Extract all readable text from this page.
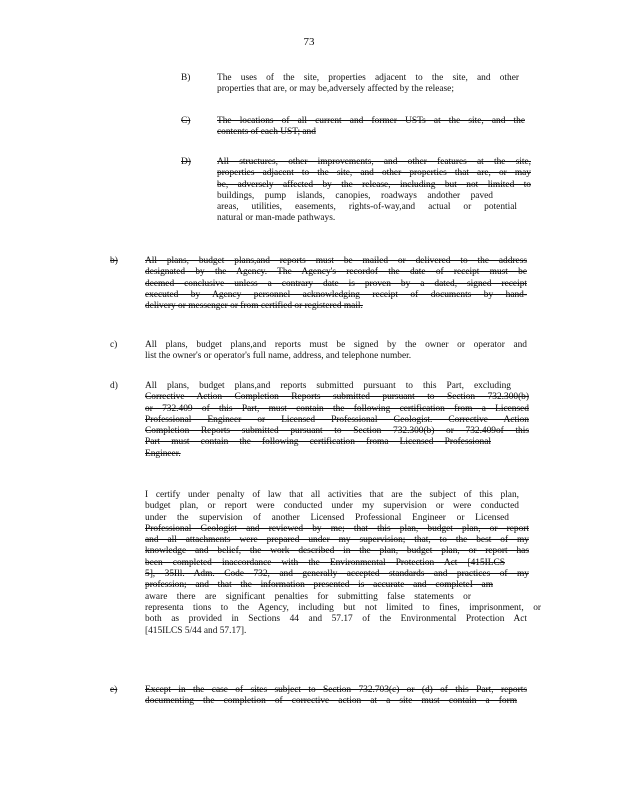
73
B)	The uses of the site, properties adjacent to the site, and other
properties that are, or may be,adversely affected by the release;
C)	The locations of all current and former USTs at the site, and the
contents of each UST; and
D)	All structures, other improvements, and other features at the site,
properties adjacent to the site, and other properties that are, or may
be, adversely affected by the release, including but not limited to
buildings, pump islands, canopies, roadways andother paved
areas, utilities, easements, rights-of-way,and actual or potential
natural or man-made pathways.
b)	All plans, budget plans,and reports must be mailed or delivered to the address
designated by the Agency. The Agency's recordof the date of receipt must be
deemed conclusive unless a contrary date is proven by a dated, signed receipt
executed by Agency personnel acknowledging receipt of documents by hand-
delivery or messenger or from certified or registered mail.
c)	All plans, budget plans,and reports must be signed by the owner or operator and
list the owner's or operator's full name, address, and telephone number.
d)	All plans, budget plans,and reports submitted pursuant to this Part, excluding
Corrective Action Completion Reports submitted pursuant to Section 732.300(b)
or 732.409 of this Part, must contain the following certification from a Licensed
Professional Engineer or Licensed Professional Geologist. Corrective Action
Completion Reports submitted pursuant to Section 732.300(b) or 732.409of this
Part must contain the following certification froma Licensed Professional
Engineer.
I certify under penalty of law that all activities that are the subject of this plan,
budget plan, or report were conducted under my supervision or were conducted
under the supervision of another Licensed Professional Engineer or Licensed
Professional Geologist and reviewed by me; that this plan, budget plan, or report
and all attachments were prepared under my supervision; that, to the best of my
knowledge and belief, the work described in the plan, budget plan, or report has
been completed inaccordance with the Environmental Protection Act [415ILCS
5], 35Ill. Adm. Code 732, and generally accepted standards and practices of my
profession; and that the information presented is accurate and completeI am
aware there are significant penalties for submitting false statements or
representa tions to the Agency, including but not limited to fines, imprisonment, or
both as provided in Sections 44 and 57.17 of the Environmental Protection Act
[415ILCS 5/44 and 57.17].
e)	Except in the case of sites subject to Section 732.703(c) or (d) of this Part, reports
documenting the completion of corrective action at a site must contain a form
